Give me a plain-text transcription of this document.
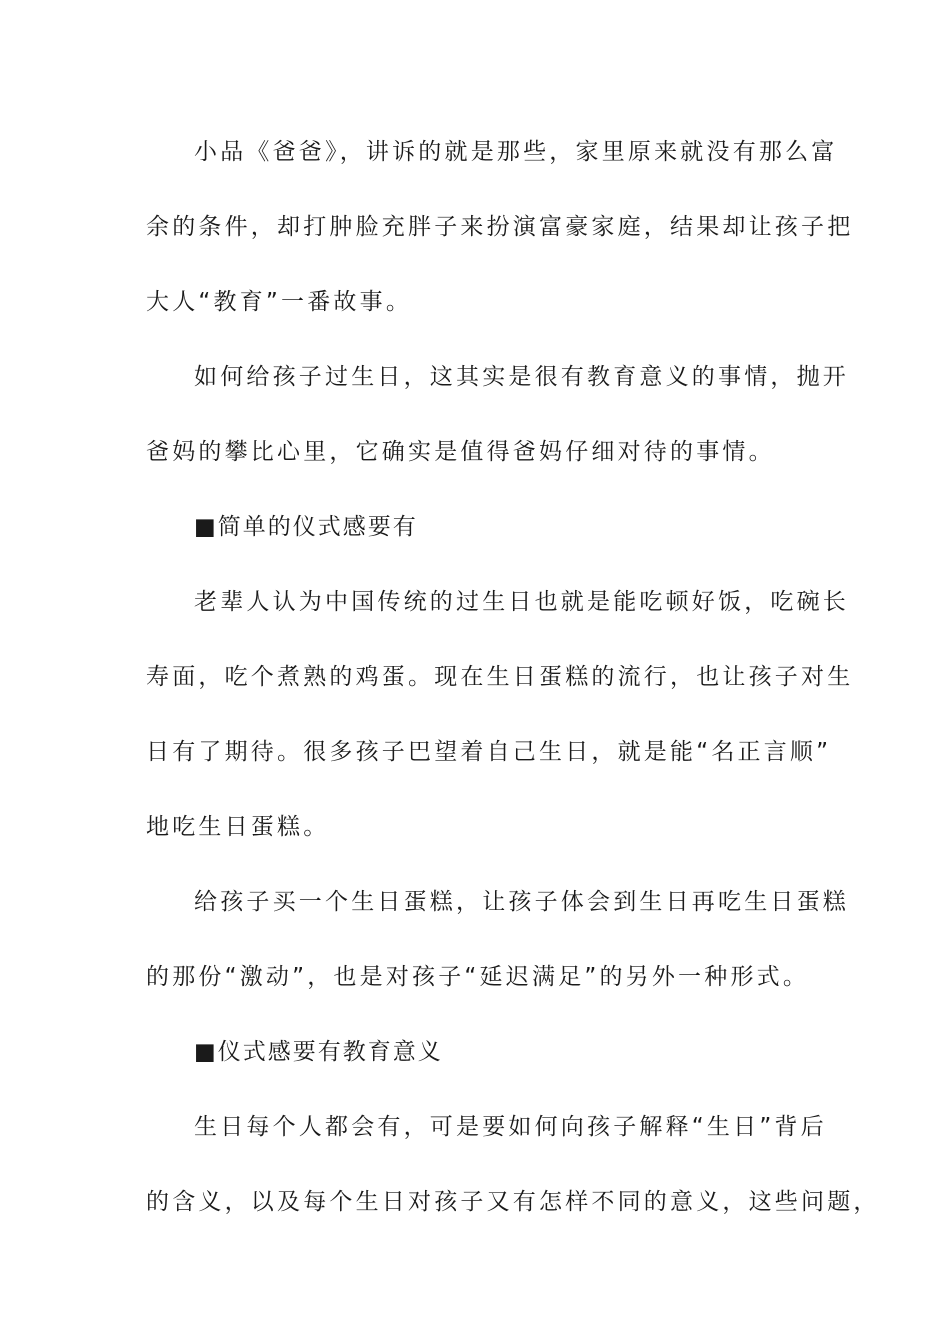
小品《爸爸》，讲诉的就是那些，家里原来就没有那么富
余的条件，却打肿脸充胖子来扮演富豪家庭，结果却让孩子把
大人“教育”一番故事。
如何给孩子过生日，这其实是很有教育意义的事情，抛开
爸妈的攀比心里，它确实是值得爸妈仔细对待的事情。
■简单的仪式感要有
老辈人认为中国传统的过生日也就是能吃顿好饭，吃碗长
寿面，吃个煮熟的鸡蛋。现在生日蛋糕的流行，也让孩子对生
日有了期待。很多孩子巴望着自己生日，就是能“名正言顺”
地吃生日蛋糕。
给孩子买一个生日蛋糕，让孩子体会到生日再吃生日蛋糕
的那份“激动”，也是对孩子“延迟满足”的另外一种形式。
■仪式感要有教育意义
生日每个人都会有，可是要如何向孩子解释“生日”背后
的含义，以及每个生日对孩子又有怎样不同的意义，这些问题，
